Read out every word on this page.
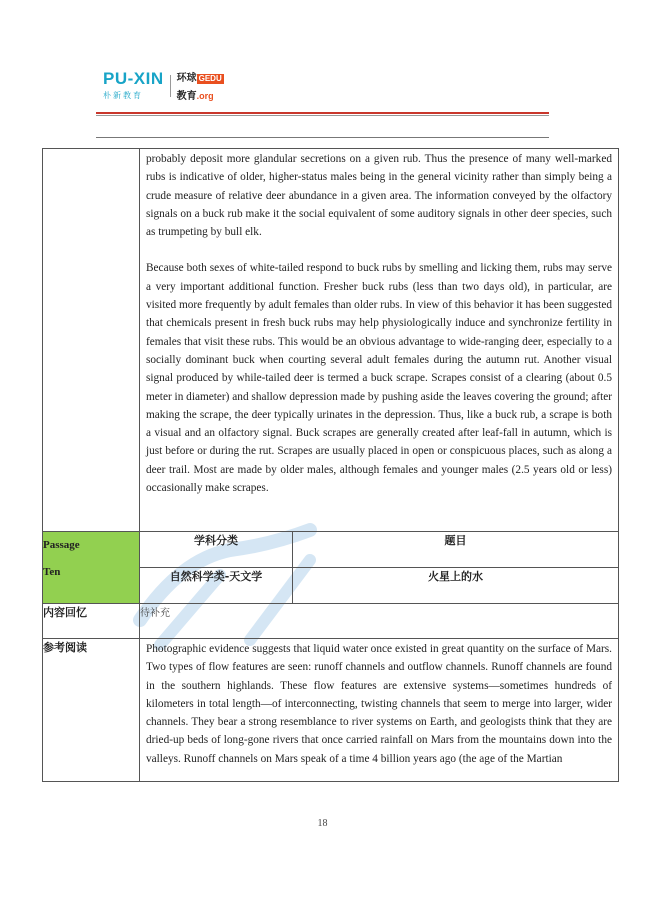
PU-XIN
朴新教育
环球 GEDU
教育.org

	probably deposit more glandular secretions on a given rub. Thus the presence of many well-marked rubs is indicative of older, higher-status males being in the general vicinity rather than simply being a crude measure of relative deer abundance in a given area. The information conveyed by the olfactory signals on a buck rub make it the social equivalent of some auditory signals in other deer species, such as trumpeting by bull elk.

Because both sexes of white-tailed respond to buck rubs by smelling and licking them, rubs may serve a very important additional function. Fresher buck rubs (less than two days old), in particular, are visited more frequently by adult females than older rubs. In view of this behavior it has been suggested that chemicals present in fresh buck rubs may help physiologically induce and synchronize fertility in females that visit these rubs. This would be an obvious advantage to wide-ranging deer, especially to a socially dominant buck when courting several adult females during the autumn rut. Another visual signal produced by while-tailed deer is termed a buck scrape. Scrapes consist of a clearing (about 0.5 meter in diameter) and shallow depression made by pushing aside the leaves covering the ground; after making the scrape, the deer typically urinates in the depression. Thus, like a buck rub, a scrape is both a visual and an olfactory signal. Buck scrapes are generally created after leaf-fall in autumn, which is just before or during the rut. Scrapes are usually placed in open or conspicuous places, such as along a deer trail. Most are made by older males, although females and younger males (2.5 years old or less) occasionally make scrapes.	

Passage
Ten	学科分类	题目
	自然科学类-天文学	火星上的水
内容回忆	待补充	
参考阅读	Photographic evidence suggests that liquid water once existed in great quantity on the surface of Mars. Two types of flow features are seen: runoff channels and outflow channels. Runoff channels are found in the southern highlands. These flow features are extensive systems—sometimes hundreds of kilometers in total length—of interconnecting, twisting channels that seem to merge into larger, wider channels. They bear a strong resemblance to river systems on Earth, and geologists think that they are dried-up beds of long-gone rivers that once carried rainfall on Mars from the mountains down into the valleys. Runoff channels on Mars speak of a time 4 billion years ago (the age of the Martian	

18
